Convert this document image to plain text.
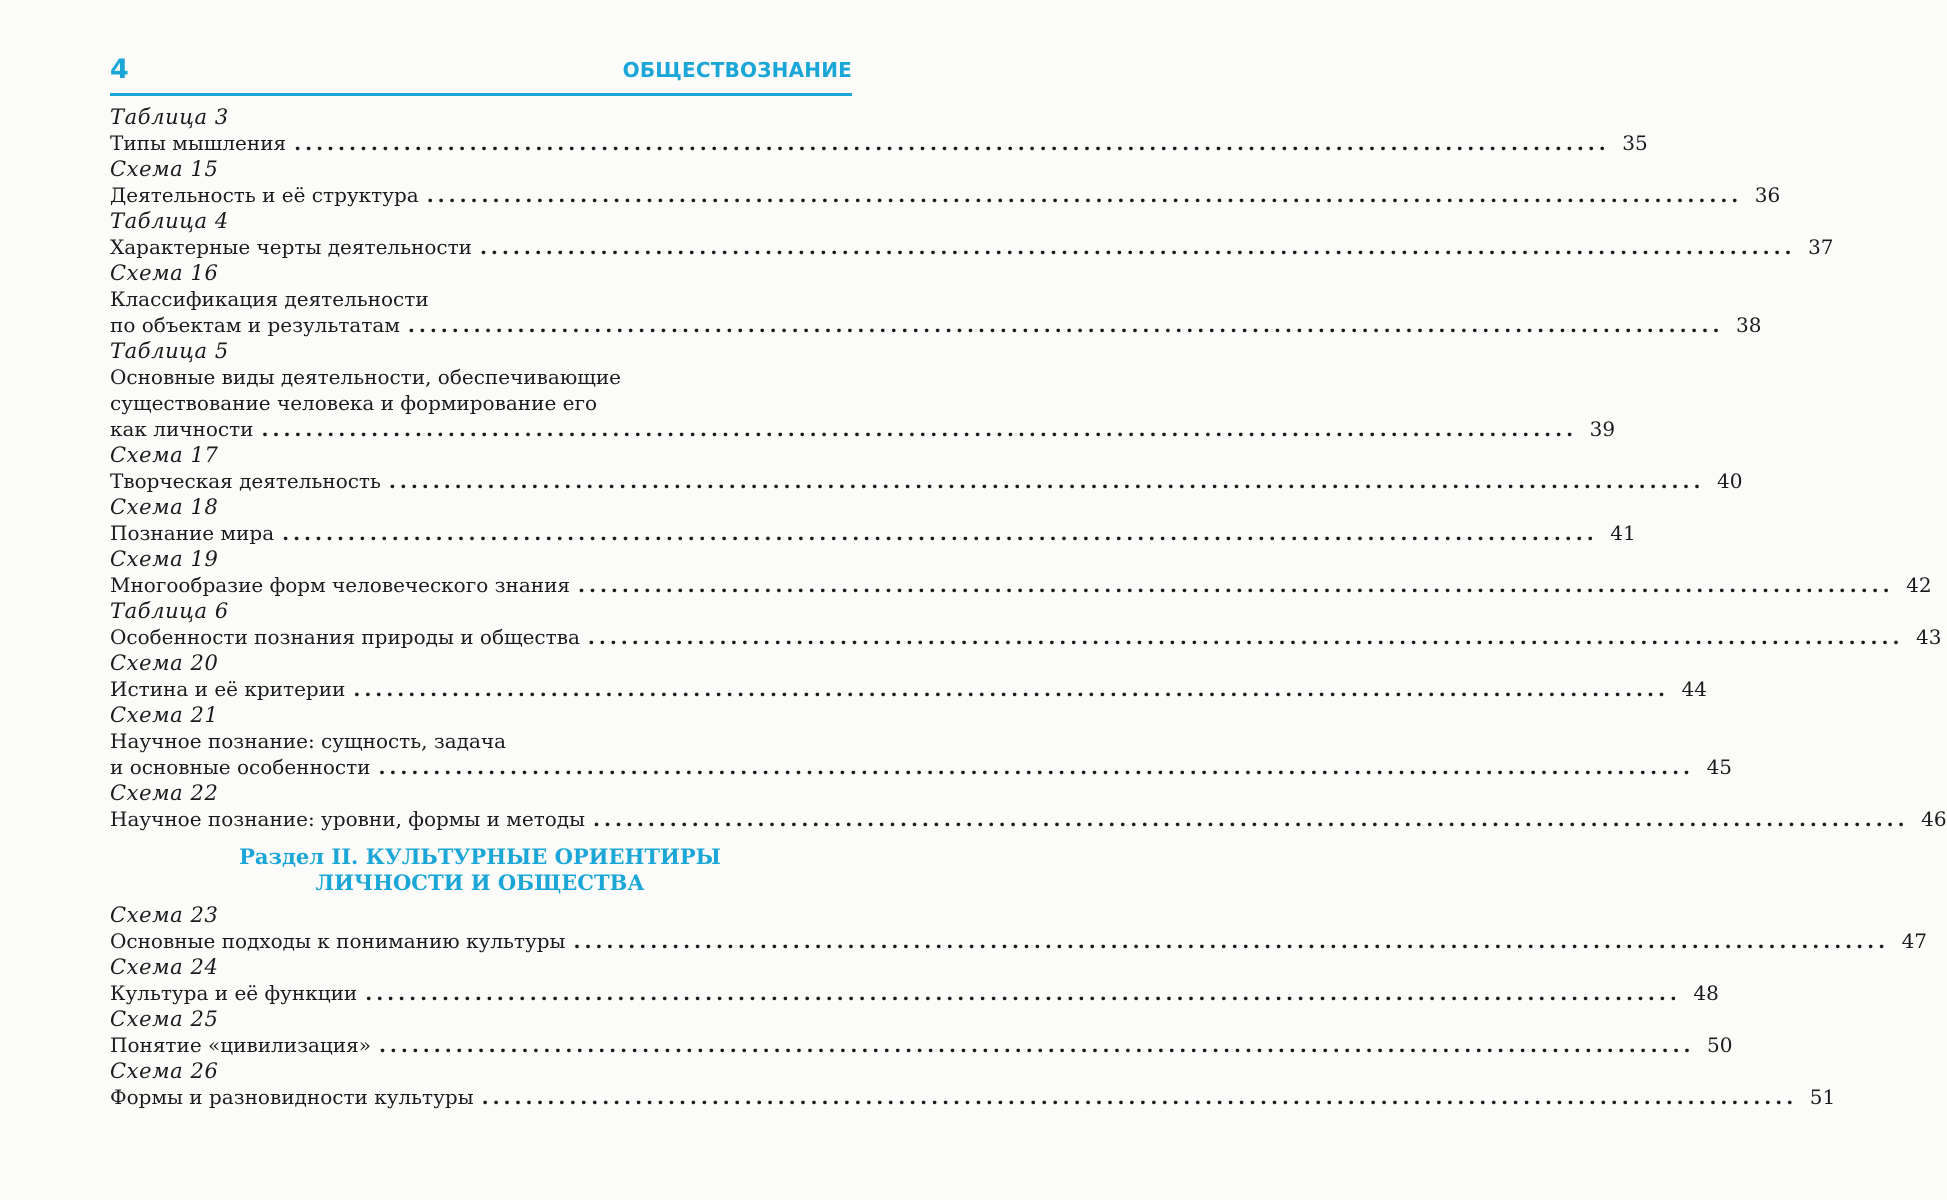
4	ОБЩЕСТВОЗНАНИЕ
Таблица 3
Типы мышления ........................................................................................................................ 35
Схема 15
Деятельность и её структура ........................................................................................................................ 36
Таблица 4
Характерные черты деятельности ........................................................................................................................ 37
Схема 16
Классификация деятельности
по объектам и результатам ........................................................................................................................ 38
Таблица 5
Основные виды деятельности, обеспечивающие
существование человека и формирование его
как личности ........................................................................................................................ 39
Схема 17
Творческая деятельность ........................................................................................................................ 40
Схема 18
Познание мира ........................................................................................................................ 41
Схема 19
Многообразие форм человеческого знания ........................................................................................................................ 42
Таблица 6
Особенности познания природы и общества ........................................................................................................................ 43
Схема 20
Истина и её критерии ........................................................................................................................ 44
Схема 21
Научное познание: сущность, задача
и основные особенности ........................................................................................................................ 45
Схема 22
Научное познание: уровни, формы и методы ........................................................................................................................ 46
Раздел II. КУЛЬТУРНЫЕ ОРИЕНТИРЫ
ЛИЧНОСТИ И ОБЩЕСТВА
Схема 23
Основные подходы к пониманию культуры ........................................................................................................................ 47
Схема 24
Культура и её функции ........................................................................................................................ 48
Схема 25
Понятие «цивилизация» ........................................................................................................................ 50
Схема 26
Формы и разновидности культуры ........................................................................................................................ 51
